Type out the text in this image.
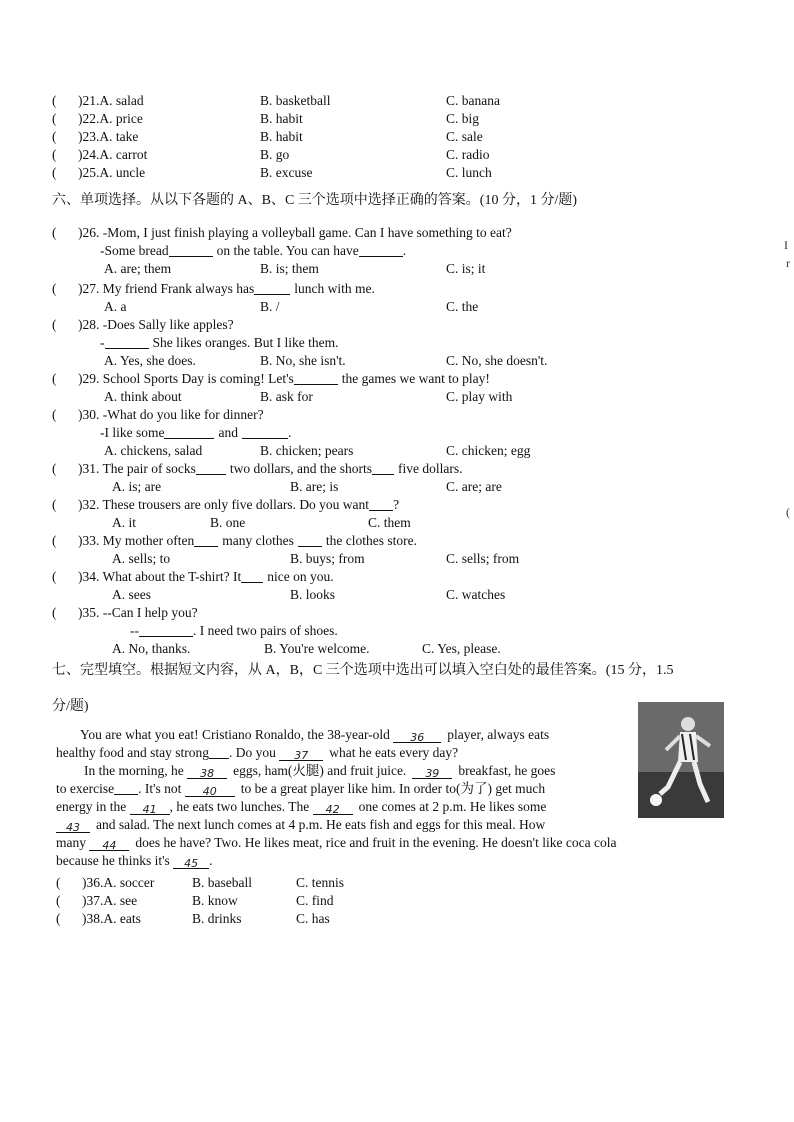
( )21.A. salad	B. basketball	C. banana
( )22.A. price	B. habit	C. big
( )23.A. take	B. habit	C. sale
( )24.A. carrot	B. go	C. radio
( )25.A. uncle	B. excuse	C. lunch
六、单项选择。从以下各题的 A、B、C 三个选项中选择正确的答案。(10 分，1 分/题)
( )26. -Mom, I just finish playing a volleyball game. Can I have something to eat?
-Some bread	on the table. You can have	.
A. are; them	B. is; them	C. is; it
( )27. My friend Frank always has	lunch with me.
A. a	B. /	C. the
( )28. -Does Sally like apples?
-	She likes oranges. But I like them.
A. Yes, she does.	B. No, she isn't.	C. No, she doesn't.
( )29. School Sports Day is coming! Let's	the games we want to play!
A. think about	B. ask for	C. play with
( )30. -What do you like for dinner?
-I like some	and	.
A. chickens, salad	B. chicken; pears	C. chicken; egg
( )31. The pair of socks	two dollars, and the shorts five dollars.
A. is; are	B. are; is	C. are; are
( )32. These trousers are only five dollars. Do you want ?
A. it	B. one	C. them
( )33. My mother often many clothes the clothes store.
A. sells; to	B. buys; from	C. sells; from
( )34. What about the T-shirt? It nice on you.
A. sees	B. looks	C. watches
( )35. --Can I help you?
--	. I need two pairs of shoes.
A. No, thanks.	B. You're welcome.	C. Yes, please.
七、完型填空。根据短文内容，从 A，B，C 三个选项中选出可以填入空白处的最佳答案。(15 分，1.5
分/题)
You are what you eat! Cristiano Ronaldo, the 38-year-old 36 player, always eats
healthy food and stay strong . Do you 37 what he eats every day?
In the morning, he 38 eggs, ham(火腿) and fruit juice. 39 breakfast, he goes
to exercise . It's not 40 to be a great player like him. In order to(为了) get much
energy in the 41 , he eats two lunches. The 42 one comes at 2 p.m. He likes some
43 and salad. The next lunch comes at 4 p.m. He eats fish and eggs for this meal. How
many 44 does he have? Two. He likes meat, rice and fruit in the evening. He doesn't like coca cola
because he thinks it's 45 .
( )36.A. soccer	B. baseball	C. tennis
( )37.A. see	B. know	C. find
( )38.A. eats	B. drinks	C. has
I
r
(
